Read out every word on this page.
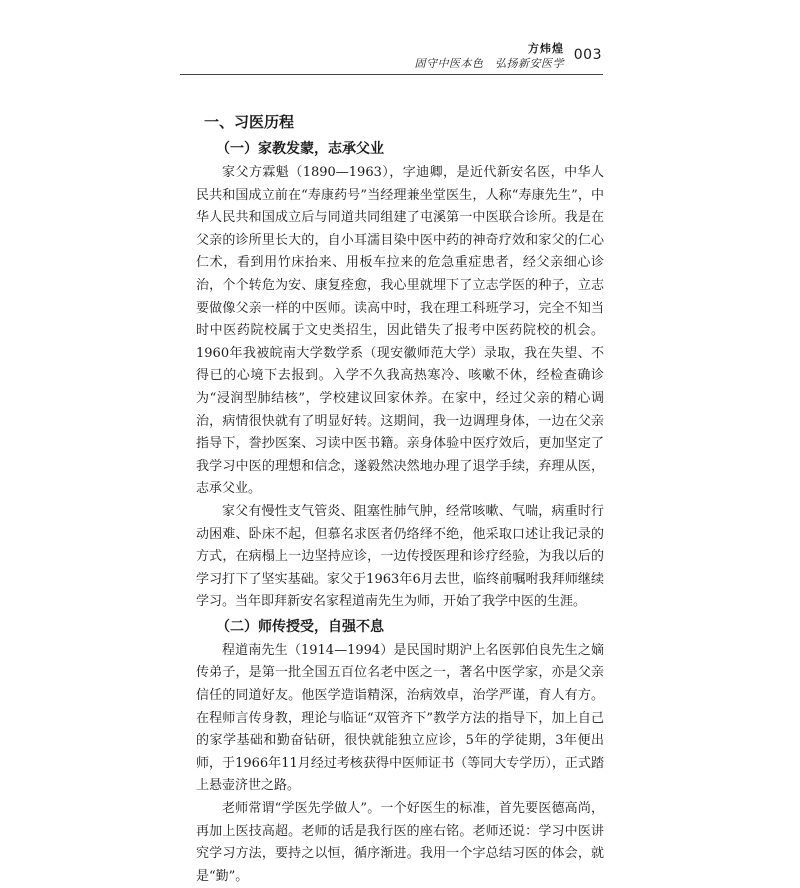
方炜煌
固守中医本色　弘扬新安医学
003
一、习医历程
（一）家教发蒙，志承父业

家父方霖魁（1890—1963），字迪卿，是近代新安名医，中华人民共和国成立前在“寿康药号”当经理兼坐堂医生，人称“寿康先生”，中华人民共和国成立后与同道共同组建了屯溪第一中医联合诊所。我是在父亲的诊所里长大的，自小耳濡目染中医中药的神奇疗效和家父的仁心仁术，看到用竹床抬来、用板车拉来的危急重症患者，经父亲细心诊治，个个转危为安、康复痊愈，我心里就埋下了立志学医的种子，立志要做像父亲一样的中医师。读高中时，我在理工科班学习，完全不知当时中医药院校属于文史类招生，因此错失了报考中医药院校的机会。1960年我被皖南大学数学系（现安徽师范大学）录取，我在失望、不得已的心境下去报到。入学不久我高热寒冷、咳嗽不休，经检查确诊为“浸润型肺结核”，学校建议回家休养。在家中，经过父亲的精心调治，病情很快就有了明显好转。这期间，我一边调理身体，一边在父亲指导下，誊抄医案、习读中医书籍。亲身体验中医疗效后，更加坚定了我学习中医的理想和信念，遂毅然决然地办理了退学手续，弃理从医，志承父业。

家父有慢性支气管炎、阻塞性肺气肿，经常咳嗽、气喘，病重时行动困难、卧床不起，但慕名求医者仍络绎不绝，他采取口述让我记录的方式，在病榻上一边坚持应诊，一边传授医理和诊疗经验，为我以后的学习打下了坚实基础。家父于1963年6月去世，临终前嘱咐我拜师继续学习。当年即拜新安名家程道南先生为师，开始了我学中医的生涯。

（二）师传授受，自强不息

程道南先生（1914—1994）是民国时期沪上名医郭伯良先生之嫡传弟子，是第一批全国五百位名老中医之一，著名中医学家，亦是父亲信任的同道好友。他医学造诣精深，治病效卓，治学严谨，育人有方。在程师言传身教，理论与临证“双管齐下”教学方法的指导下，加上自己的家学基础和勤奋钻研，很快就能独立应诊，5年的学徒期，3年便出师，于1966年11月经过考核获得中医师证书（等同大专学历），正式踏上悬壶济世之路。

老师常谓“学医先学做人”。一个好医生的标准，首先要医德高尚，再加上医技高超。老师的话是我行医的座右铭。老师还说：学习中医讲究学习方法，要持之以恒，循序渐进。我用一个字总结习医的体会，就是“勤”。
